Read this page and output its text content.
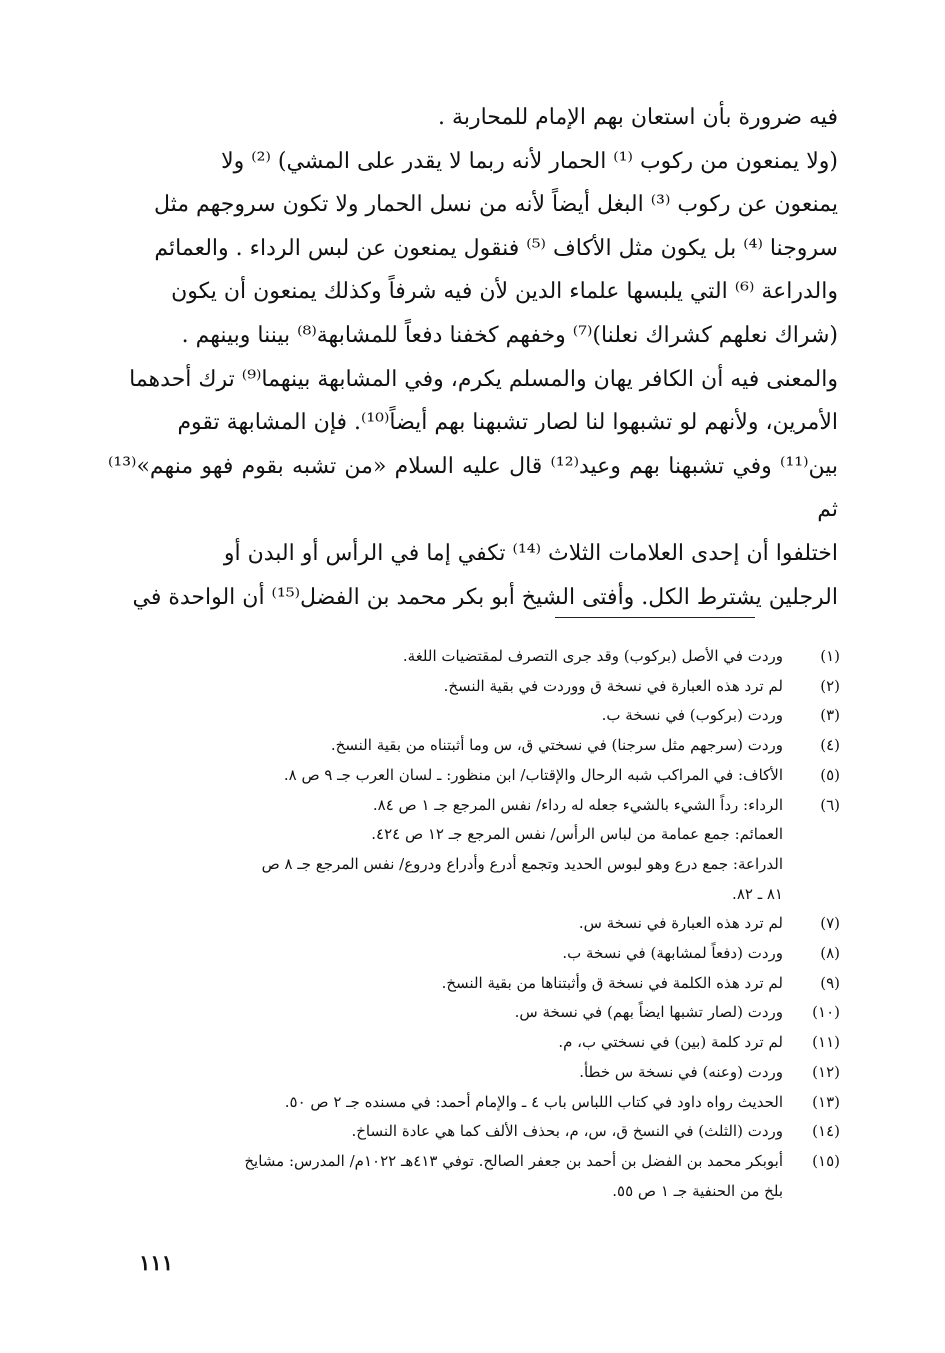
فيه ضرورة بأن استعان بهم الإمام للمحاربة .

(ولا يمنعون من ركوب ⁽¹⁾ الحمار لأنه ربما لا يقدر على المشي) ⁽²⁾ ولا

يمنعون عن ركوب ⁽³⁾ البغل أيضاً لأنه من نسل الحمار ولا تكون سروجهم مثل

سروجنا ⁽⁴⁾ بل يكون مثل الأكاف ⁽⁵⁾ فنقول يمنعون عن لبس الرداء . والعمائم

والدراعة ⁽⁶⁾ التي يلبسها علماء الدين لأن فيه شرفاً وكذلك يمنعون أن يكون

(شراك نعلهم كشراك نعلنا)⁽⁷⁾ وخفهم كخفنا دفعاً للمشابهة⁽⁸⁾ بيننا وبينهم .

والمعنى فيه أن الكافر يهان والمسلم يكرم، وفي المشابهة بينهما⁽⁹⁾ ترك أحدهما

الأمرين، ولأنهم لو تشبهوا لنا لصار تشبهنا بهم أيضاً⁽¹⁰⁾. فإن المشابهة تقوم

بين⁽¹¹⁾ وفي تشبهنا بهم وعيد⁽¹²⁾ قال عليه السلام «من تشبه بقوم فهو منهم»⁽¹³⁾ ثم

اختلفوا أن إحدى العلامات الثلاث ⁽¹⁴⁾ تكفي إما في الرأس أو البدن أو

الرجلين يشترط الكل. وأفتى الشيخ أبو بكر محمد بن الفضل⁽¹⁵⁾ أن الواحدة في

(١)
وردت في الأصل (بركوب) وقد جرى التصرف لمقتضيات اللغة.
(٢)
لم ترد هذه العبارة في نسخة ق ووردت في بقية النسخ.
(٣)
وردت (بركوب) في نسخة ب.
(٤)
وردت (سرجهم مثل سرجنا) في نسختي ق، س وما أثبتناه من بقية النسخ.
(٥)
الأكاف: في المراكب شبه الرحال والإقتاب/ ابن منظور: ـ لسان العرب جـ ٩ ص ٨.
(٦)
الرداء: رداً الشيء بالشيء جعله له رداء/ نفس المرجع جـ ١ ص ٨٤.
العمائم: جمع عمامة من لباس الرأس/ نفس المرجع جـ ١٢ ص ٤٢٤.
الدراعة: جمع درع وهو لبوس الحديد وتجمع أدرع وأدراع ودروع/ نفس المرجع جـ ٨ ص
٨١ ـ ٨٢.
(٧)
لم ترد هذه العبارة في نسخة س.
(٨)
وردت (دفعاً لمشابهة) في نسخة ب.
(٩)
لم ترد هذه الكلمة في نسخة ق وأثبتناها من بقية النسخ.
(١٠)
وردت (لصار تشبها ايضاً بهم) في نسخة س.
(١١)
لم ترد كلمة (بين) في نسختي ب، م.
(١٢)
وردت (وعنه) في نسخة س خطأ.
(١٣)
الحديث رواه داود في كتاب اللباس باب ٤ ـ والإمام أحمد: في مسنده جـ ٢ ص ٥٠.
(١٤)
وردت (الثلث) في النسخ ق، س، م، بحذف الألف كما هي عادة النساخ.
(١٥)
أبوبكر محمد بن الفضل بن أحمد بن جعفر الصالح. توفي ٤١٣هـ ١٠٢٢م/ المدرس: مشايخ
بلخ من الحنفية جـ ١ ص ٥٥.
١١١
